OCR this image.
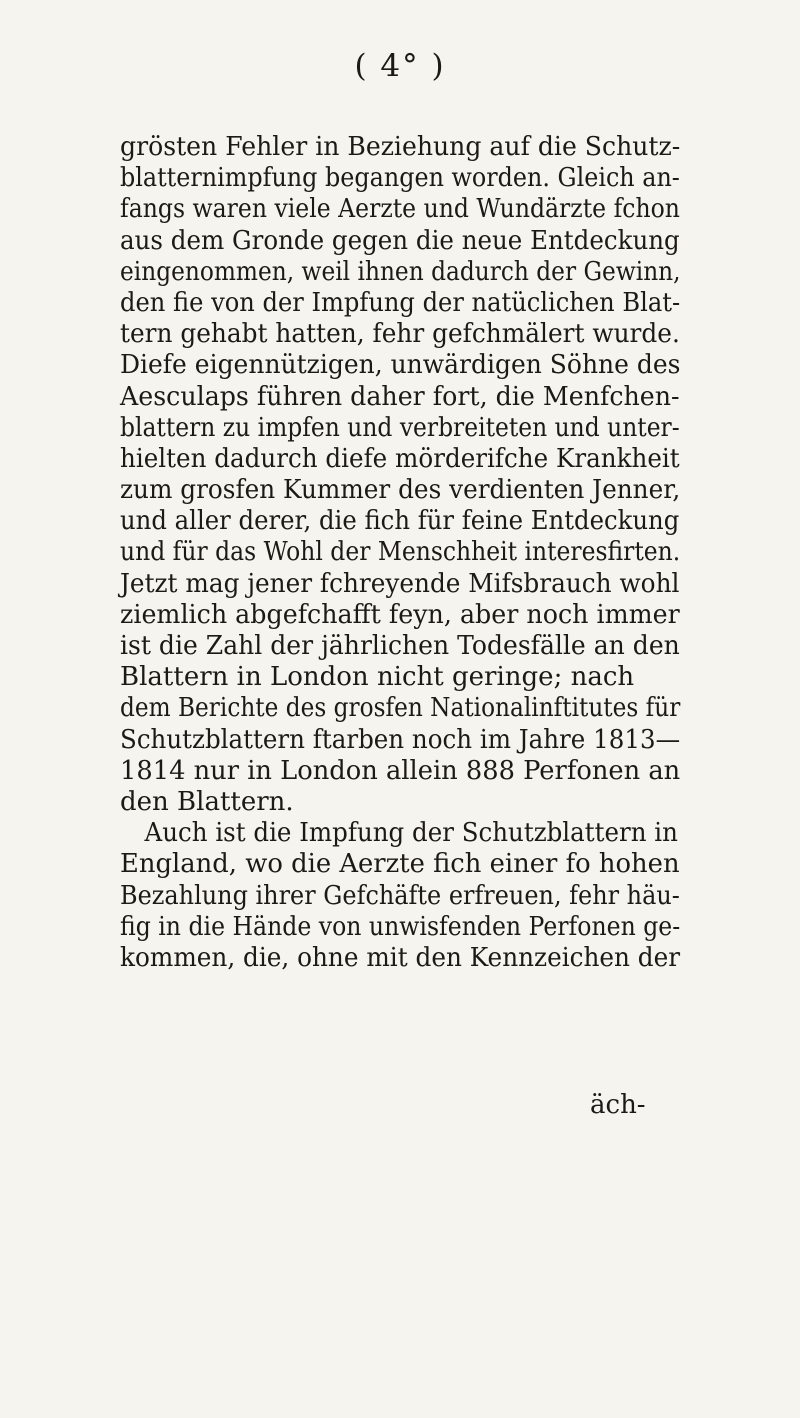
( 4° )
grösten Fehler in Beziehung auf die Schutz-
blatternimpfung begangen worden. Gleich an-
fangs waren viele Aerzte und Wundärzte fchon
aus dem Gronde gegen die neue Entdeckung
eingenommen, weil ihnen dadurch der Gewinn,
den fie von der Impfung der natüclichen Blat-
tern gehabt hatten, fehr gefchmälert wurde.
Diefe eigennützigen, unwärdigen Söhne des
Aesculaps führen daher fort, die Menfchen-
blattern zu impfen und verbreiteten und unter-
hielten dadurch diefe mörderifche Krankheit
zum grosfen Kummer des verdienten Jenner,
und aller derer, die fich für feine Entdeckung
und für das Wohl der Menschheit interesfirten.
Jetzt mag jener fchreyende Mifsbrauch wohl
ziemlich abgefchafft feyn, aber noch immer
ist die Zahl der jährlichen Todesfälle an den
Blattern in London nicht geringe; nach
dem Berichte des grosfen Nationalinftitutes für
Schutzblattern ftarben noch im Jahre 1813—
1814 nur in London allein 888 Perfonen an
den Blattern.
Auch ist die Impfung der Schutzblattern in
England, wo die Aerzte fich einer fo hohen
Bezahlung ihrer Gefchäfte erfreuen, fehr häu-
fig in die Hände von unwisfenden Perfonen ge-
kommen, die, ohne mit den Kennzeichen der
äch-
